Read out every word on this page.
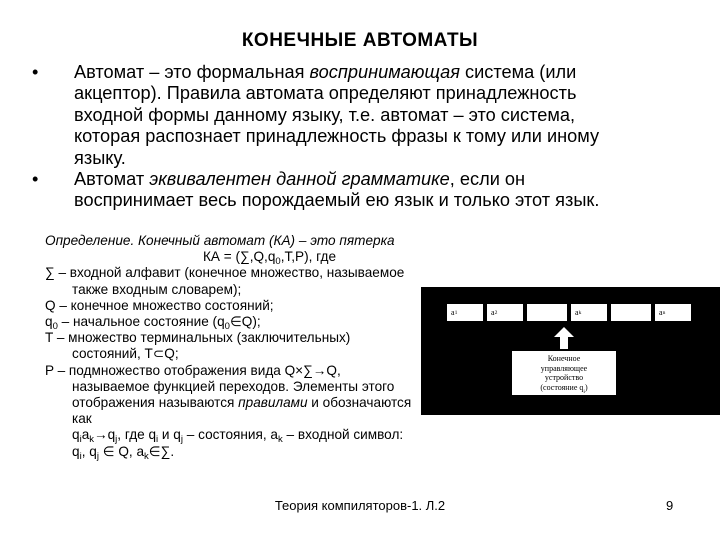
КОНЕЧНЫЕ АВТОМАТЫ
• Автомат – это формальная воспринимающая система (или
акцептор). Правила автомата определяют принадлежность
входной формы данному языку, т.е. автомат – это система,
которая распознает принадлежность фразы к тому или иному
языку.
• Автомат эквивалентен данной грамматике, если он
воспринимает весь порождаемый ею язык и только этот язык.
Определение. Конечный автомат (КА) – это пятерка
КА = $(\sum,Q,q_0,T,P)$, где
∑ – входной алфавит (конечное множество, называемое
также входным словарем);
Q – конечное множество состояний;
$q_0$ – начальное состояние $(q_0\in Q)$;
T – множество терминальных (заключительных)
состояний, T⊂Q;
P – подмножество отображения вида Q×∑→Q,
называемое функцией переходов. Элементы этого
отображения называются правилами и обозначаются
как
$q_ia_k\to q_j$, где $q_i$ и $q_j$ – состояния, $a_k$ – входной символ:
$q_i$, $q_j$ ∈ Q, $a_k\in\sum$.
a 1	a 2	a k	a n
Конечное
управляющее
устройство
(состояние $q_i$)
Теория компиляторов-1. Л.2	9
